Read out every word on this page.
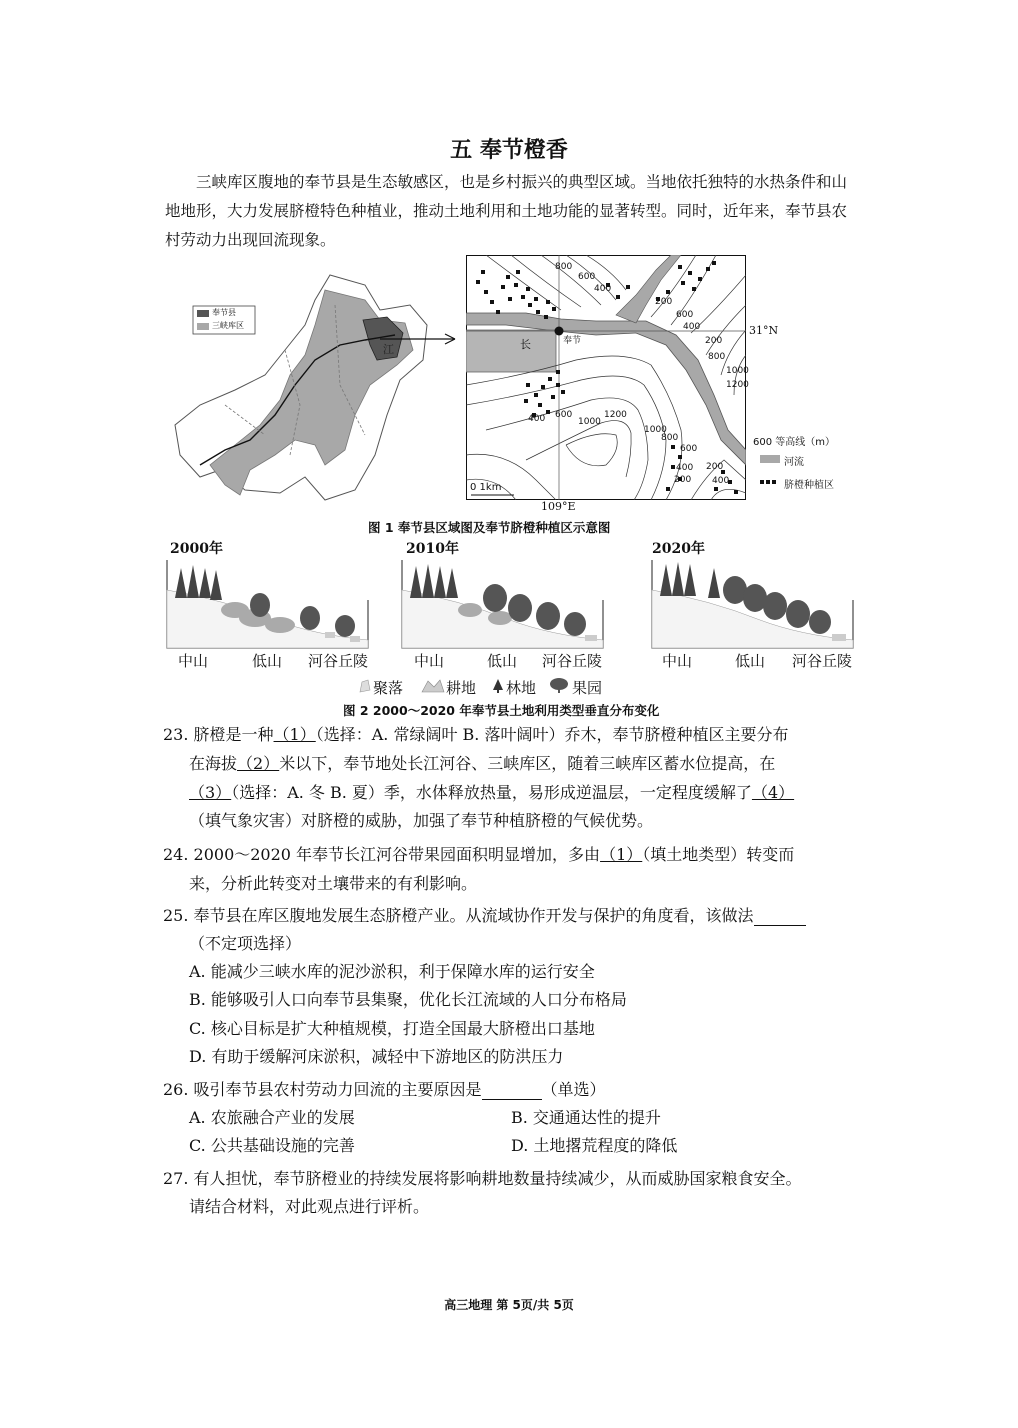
五 奉节橙香
三峡库区腹地的奉节县是生态敏感区，也是乡村振兴的典型区域。当地依托独特的水热条件和山地地形，大力发展脐橙特色种植业，推动土地利用和土地功能的显著转型。同时，近年来，奉节县农村劳动力出现回流现象。
奉节县
三峡库区
江	长	奉节
31°N
109°E
0 1km
800
600
400
200
600
400
200
800
1000
1200
400 600
1000
1200
1000
800
600
400
200
200
400
600 等高线（m）
河流
脐橙种植区
图 1 奉节县区域图及奉节脐橙种植区示意图
2000年	2010年	2020年
中山	低山 河谷丘陵	中山	低山 河谷丘陵	中山	低山 河谷丘陵
聚落	耕地 林地 果园
图 2 2000～2020 年奉节县土地利用类型垂直分布变化
23. 脐橙是一种（1）（选择：A. 常绿阔叶 B. 落叶阔叶）乔木，奉节脐橙种植区主要分布
在海拔（2）米以下，奉节地处长江河谷、三峡库区，随着三峡库区蓄水位提高，在
（3）（选择：A. 冬 B. 夏）季，水体释放热量，易形成逆温层，一定程度缓解了（4）
（填气象灾害）对脐橙的威胁，加强了奉节种植脐橙的气候优势。
24. 2000～2020 年奉节长江河谷带果园面积明显增加，多由（1）（填土地类型）转变而
来，分析此转变对土壤带来的有利影响。
25. 奉节县在库区腹地发展生态脐橙产业。从流域协作开发与保护的角度看，该做法
（不定项选择）
A. 能减少三峡水库的泥沙淤积，利于保障水库的运行安全
B. 能够吸引人口向奉节县集聚，优化长江流域的人口分布格局
C. 核心目标是扩大种植规模，打造全国最大脐橙出口基地
D. 有助于缓解河床淤积，减轻中下游地区的防洪压力
26. 吸引奉节县农村劳动力回流的主要原因是	（单选）
A. 农旅融合产业的发展	B. 交通通达性的提升
C. 公共基础设施的完善	D. 土地撂荒程度的降低
27. 有人担忧，奉节脐橙业的持续发展将影响耕地数量持续减少，从而威胁国家粮食安全。
请结合材料，对此观点进行评析。
高三地理 第 5页/共 5页
